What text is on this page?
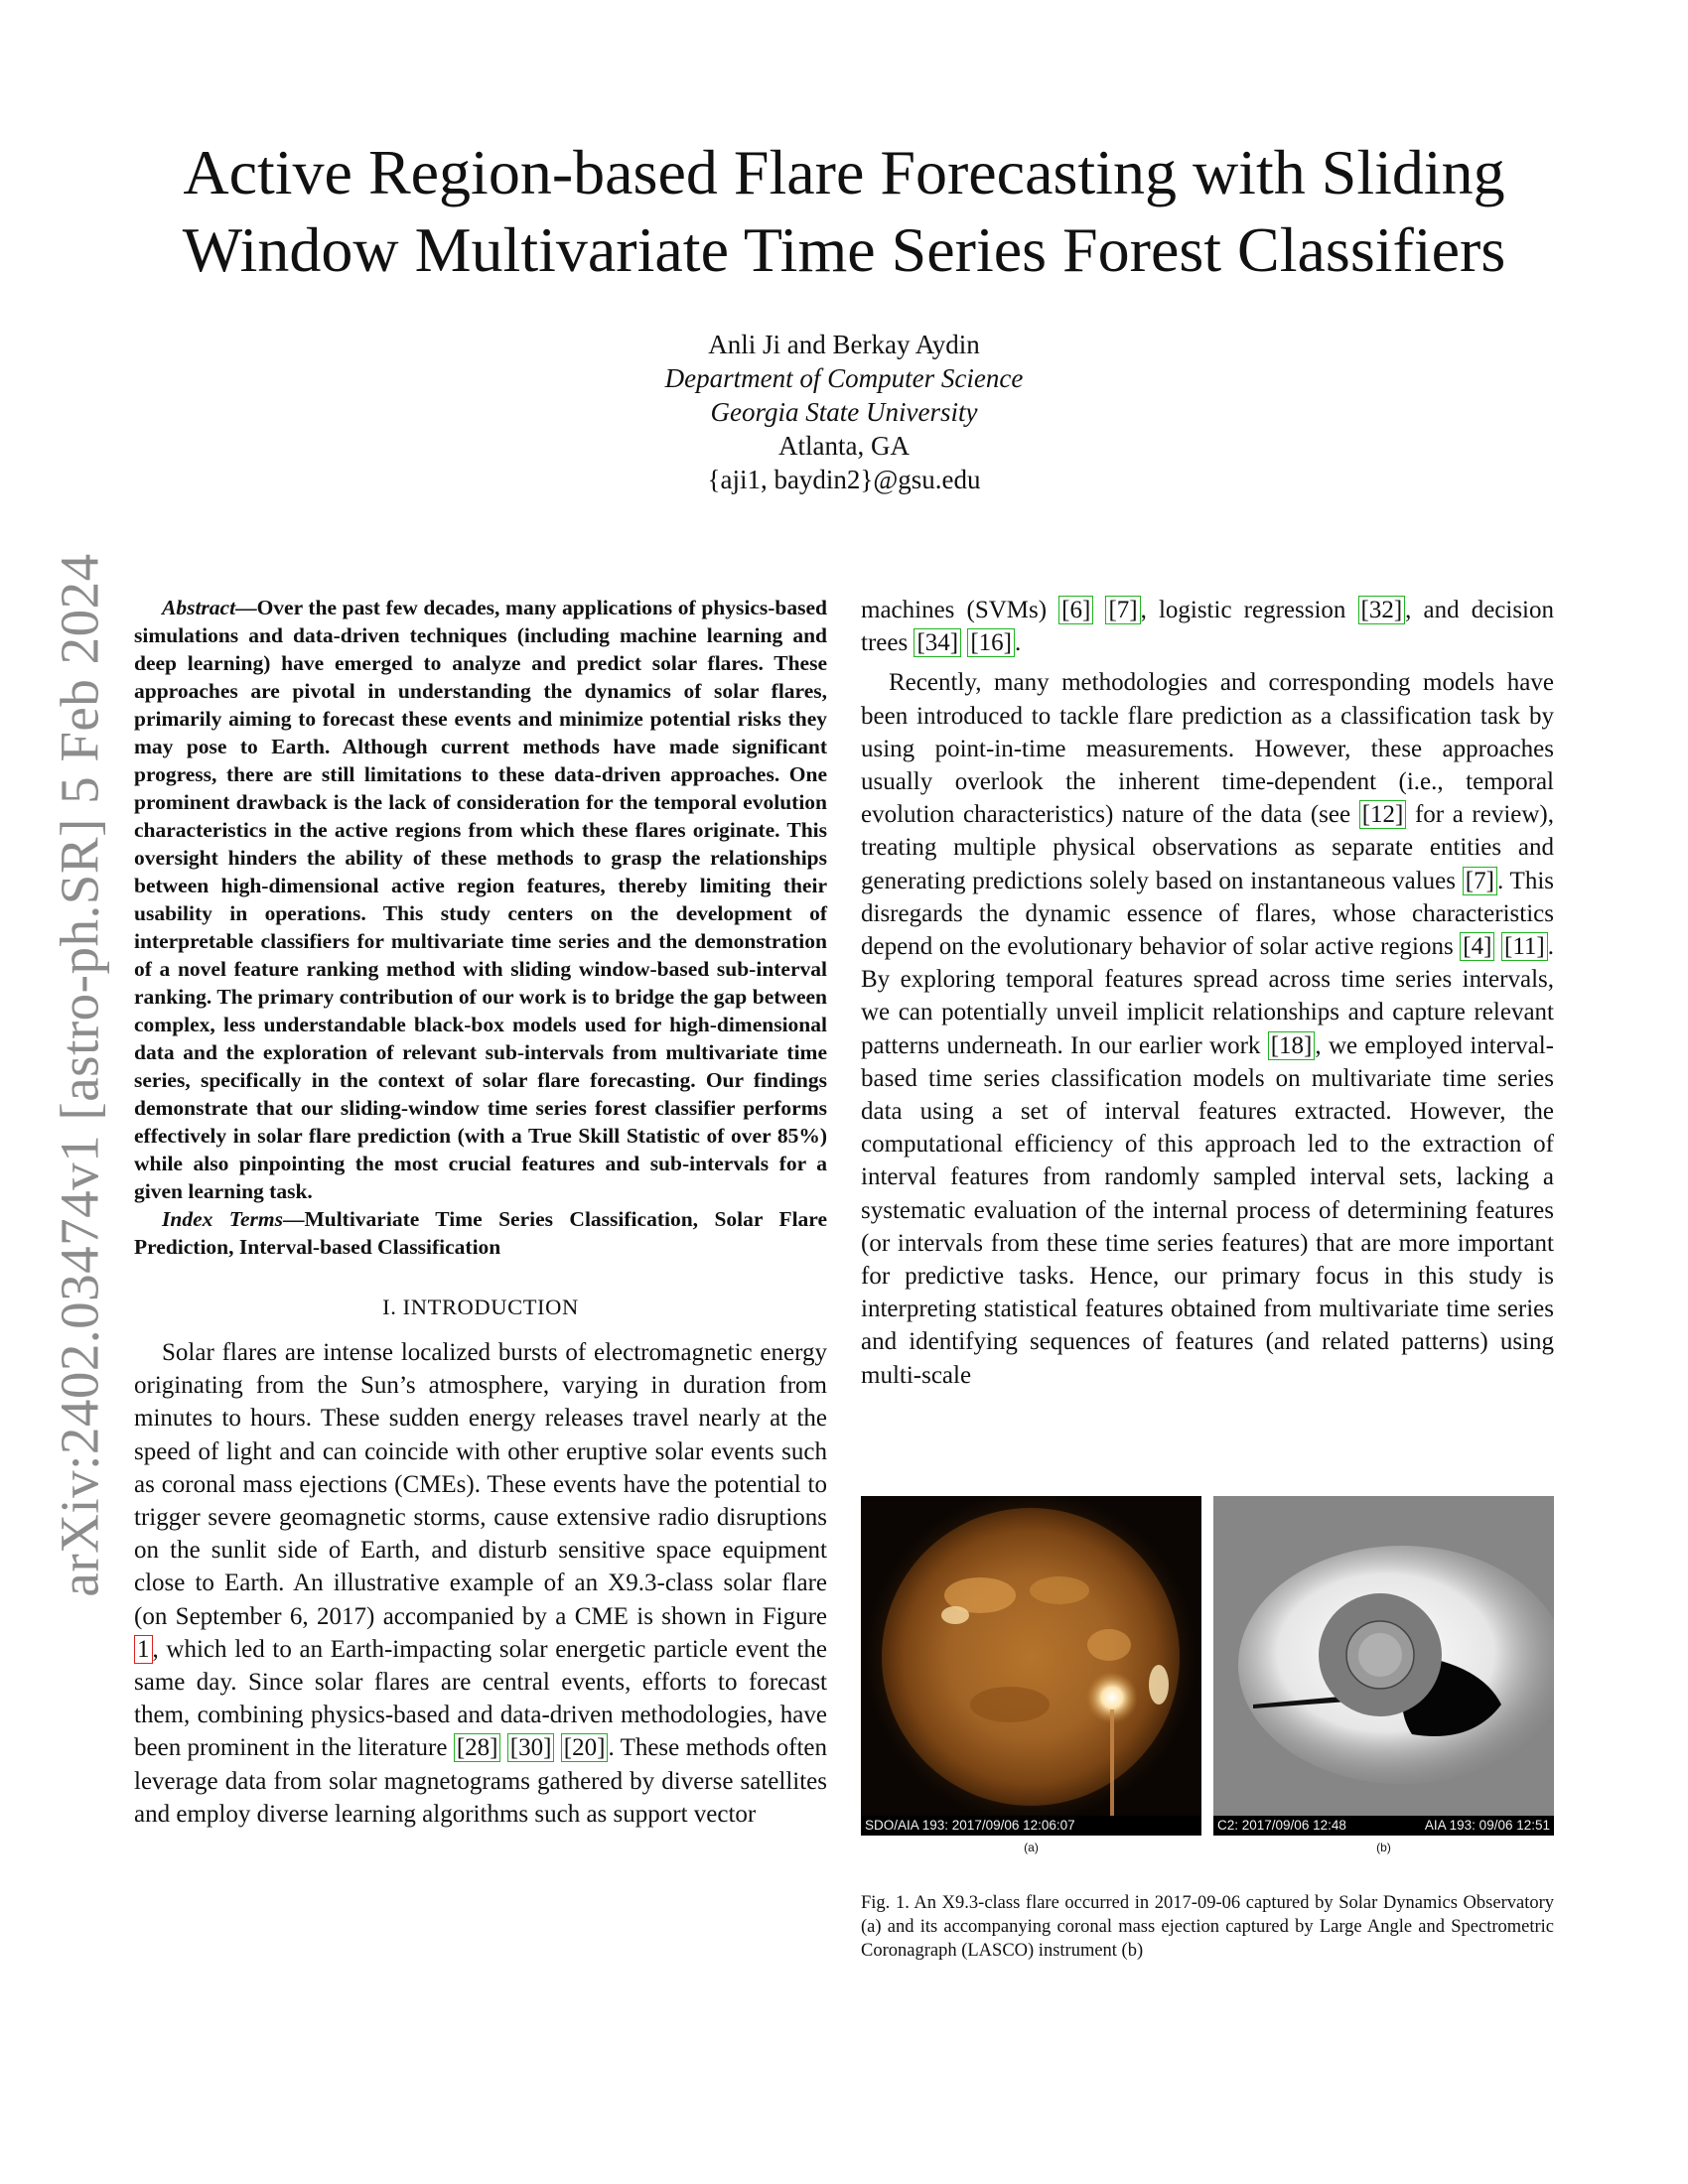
arXiv:2402.03474v1 [astro-ph.SR] 5 Feb 2024
Active Region-based Flare Forecasting with Sliding
Window Multivariate Time Series Forest Classifiers
Anli Ji and Berkay Aydin
Department of Computer Science
Georgia State University
Atlanta, GA
{aji1, baydin2}@gsu.edu

Abstract—Over the past few decades, many applications of physics-based simulations and data-driven techniques (including machine learning and deep learning) have emerged to analyze and predict solar flares. These approaches are pivotal in understanding the dynamics of solar flares, primarily aiming to forecast these events and minimize potential risks they may pose to Earth. Although current methods have made significant progress, there are still limitations to these data-driven approaches. One prominent drawback is the lack of consideration for the temporal evolution characteristics in the active regions from which these flares originate. This oversight hinders the ability of these methods to grasp the relationships between high-dimensional active region features, thereby limiting their usability in operations. This study centers on the development of interpretable classifiers for multivariate time series and the demonstration of a novel feature ranking method with sliding window-based sub-interval ranking. The primary contribution of our work is to bridge the gap between complex, less understandable black-box models used for high-dimensional data and the exploration of relevant sub-intervals from multivariate time series, specifically in the context of solar flare forecasting. Our findings demonstrate that our sliding-window time series forest classifier performs effectively in solar flare prediction (with a True Skill Statistic of over 85%) while also pinpointing the most crucial features and sub-intervals for a given learning task.

Index Terms—Multivariate Time Series Classification, Solar Flare Prediction, Interval-based Classification

I. INTRODUCTION

Solar flares are intense localized bursts of electromagnetic energy originating from the Sun’s atmosphere, varying in duration from minutes to hours. These sudden energy releases travel nearly at the speed of light and can coincide with other eruptive solar events such as coronal mass ejections (CMEs). These events have the potential to trigger severe geomagnetic storms, cause extensive radio disruptions on the sunlit side of Earth, and disturb sensitive space equipment close to Earth. An illustrative example of an X9.3-class solar flare (on September 6, 2017) accompanied by a CME is shown in Figure 1 , which led to an Earth-impacting solar energetic particle event the same day. Since solar flares are central events, efforts to forecast them, combining physics-based and data-driven methodologies, have been prominent in the literature [28] [30] [20] . These methods often leverage data from solar magnetograms gathered by diverse satellites and employ diverse learning algorithms such as support vector

machines (SVMs) [6] [7] , logistic regression [32] , and decision trees [34] [16] .

Recently, many methodologies and corresponding models have been introduced to tackle flare prediction as a classification task by using point-in-time measurements. However, these approaches usually overlook the inherent time-dependent (i.e., temporal evolution characteristics) nature of the data (see [12] for a review), treating multiple physical observations as separate entities and generating predictions solely based on instantaneous values [7] . This disregards the dynamic essence of flares, whose characteristics depend on the evolutionary behavior of solar active regions [4] [11] . By exploring temporal features spread across time series intervals, we can potentially unveil implicit relationships and capture relevant patterns underneath. In our earlier work [18] , we employed interval-based time series classification models on multivariate time series data using a set of interval features extracted. However, the computational efficiency of this approach led to the extraction of interval features from randomly sampled interval sets, lacking a systematic evaluation of the internal process of determining features (or intervals from these time series features) that are more important for predictive tasks. Hence, our primary focus in this study is interpreting statistical features obtained from multivariate time series and identifying sequences of features (and related patterns) using multi-scale

SDO/AIA 193: 2017/09/06 12:06:07	C2: 2017/09/06 12:48	AIA 193: 09/06 12:51
(a)	(b)
Fig. 1. An X9.3-class flare occurred in 2017-09-06 captured by Solar Dynamics Observatory (a) and its accompanying coronal mass ejection captured by Large Angle and Spectrometric Coronagraph (LASCO) instrument (b)
